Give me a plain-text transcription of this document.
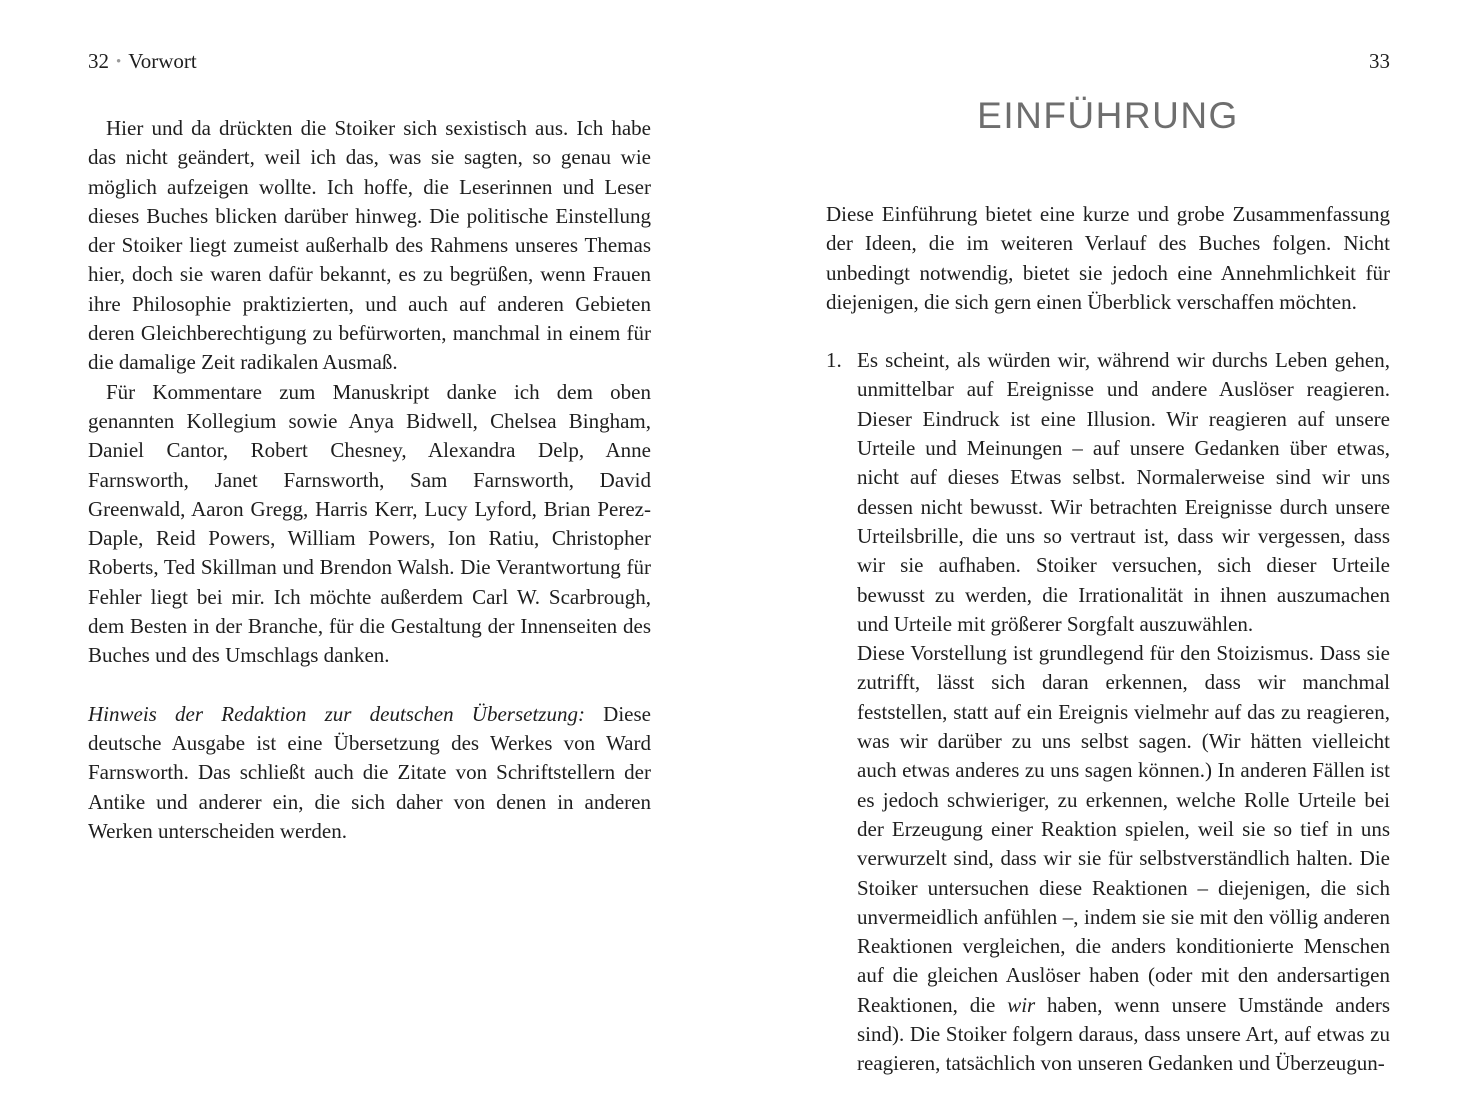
32 • Vorwort

Hier und da drückten die Stoiker sich sexistisch aus. Ich habe das nicht geändert, weil ich das, was sie sagten, so genau wie möglich aufzeigen wollte. Ich hoffe, die Leserinnen und Leser dieses Buches blicken darüber hinweg. Die politische Einstellung der Stoiker liegt zumeist außerhalb des Rahmens unseres Themas hier, doch sie waren dafür bekannt, es zu begrüßen, wenn Frauen ihre Philosophie praktizierten, und auch auf anderen Gebieten deren Gleichberechtigung zu befürworten, manchmal in einem für die damalige Zeit radikalen Ausmaß.

Für Kommentare zum Manuskript danke ich dem oben genannten Kollegium sowie Anya Bidwell, Chelsea Bingham, Daniel Cantor, Robert Chesney, Alexandra Delp, Anne Farnsworth, Janet Farnsworth, Sam Farnsworth, David Greenwald, Aaron Gregg, Harris Kerr, Lucy Lyford, Brian Perez-Daple, Reid Powers, William Powers, Ion Ratiu, Christopher Roberts, Ted Skillman und Brendon Walsh. Die Verantwortung für Fehler liegt bei mir. Ich möchte außerdem Carl W. Scarbrough, dem Besten in der Branche, für die Gestaltung der Innenseiten des Buches und des Umschlags danken.

Hinweis der Redaktion zur deutschen Übersetzung: Diese deutsche Ausgabe ist eine Übersetzung des Werkes von Ward Farnsworth. Das schließt auch die Zitate von Schriftstellern der Antike und anderer ein, die sich daher von denen in anderen Werken unterscheiden werden.

33
EINFÜHRUNG

Diese Einführung bietet eine kurze und grobe Zusammenfassung der Ideen, die im weiteren Verlauf des Buches folgen. Nicht unbedingt notwendig, bietet sie jedoch eine Annehmlichkeit für diejenigen, die sich gern einen Überblick verschaffen möchten.

1. Es scheint, als würden wir, während wir durchs Leben gehen, unmittelbar auf Ereignisse und andere Auslöser reagieren. Dieser Eindruck ist eine Illusion. Wir reagieren auf unsere Urteile und Meinungen – auf unsere Gedanken über etwas, nicht auf dieses Etwas selbst. Normalerweise sind wir uns dessen nicht bewusst. Wir betrachten Ereignisse durch unsere Urteilsbrille, die uns so vertraut ist, dass wir vergessen, dass wir sie aufhaben. Stoiker versuchen, sich dieser Urteile bewusst zu werden, die Irrationalität in ihnen auszumachen und Urteile mit größerer Sorgfalt auszuwählen.

Diese Vorstellung ist grundlegend für den Stoizismus. Dass sie zutrifft, lässt sich daran erkennen, dass wir manchmal feststellen, statt auf ein Ereignis vielmehr auf das zu reagieren, was wir darüber zu uns selbst sagen. (Wir hätten vielleicht auch etwas anderes zu uns sagen können.) In anderen Fällen ist es jedoch schwieriger, zu erkennen, welche Rolle Urteile bei der Erzeugung einer Reaktion spielen, weil sie so tief in uns verwurzelt sind, dass wir sie für selbstverständlich halten. Die Stoiker untersuchen diese Reaktionen – diejenigen, die sich unvermeidlich anfühlen –, indem sie sie mit den völlig anderen Reaktionen vergleichen, die anders konditionierte Menschen auf die gleichen Auslöser haben (oder mit den andersartigen Reaktionen, die wir haben, wenn unsere Umstände anders sind). Die Stoiker folgern daraus, dass unsere Art, auf etwas zu reagieren, tatsächlich von unseren Gedanken und Überzeugun-
